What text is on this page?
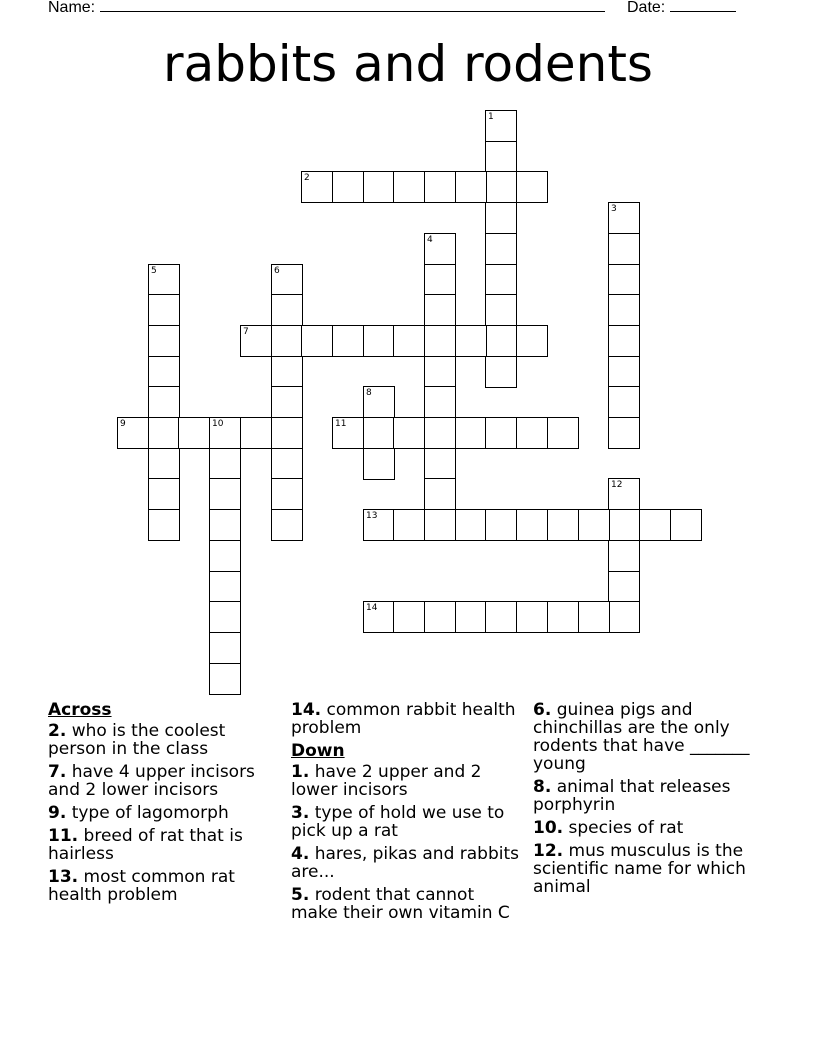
Name:	Date:
rabbits and rodents
1
2
3
4
5	6
7
8
9	10	11
12
13
14
Across
2. who is the coolest person in the class
7. have 4 upper incisors and 2 lower incisors
9. type of lagomorph
11. breed of rat that is hairless
13. most common rat health problem
14. common rabbit health problem
Down
1. have 2 upper and 2 lower incisors
3. type of hold we use to pick up a rat
4. hares, pikas and rabbits are...
5. rodent that cannot make their own vitamin C
6. guinea pigs and chinchillas are the only rodents that have _______ young
8. animal that releases porphyrin
10. species of rat
12. mus musculus is the scientific name for which animal
